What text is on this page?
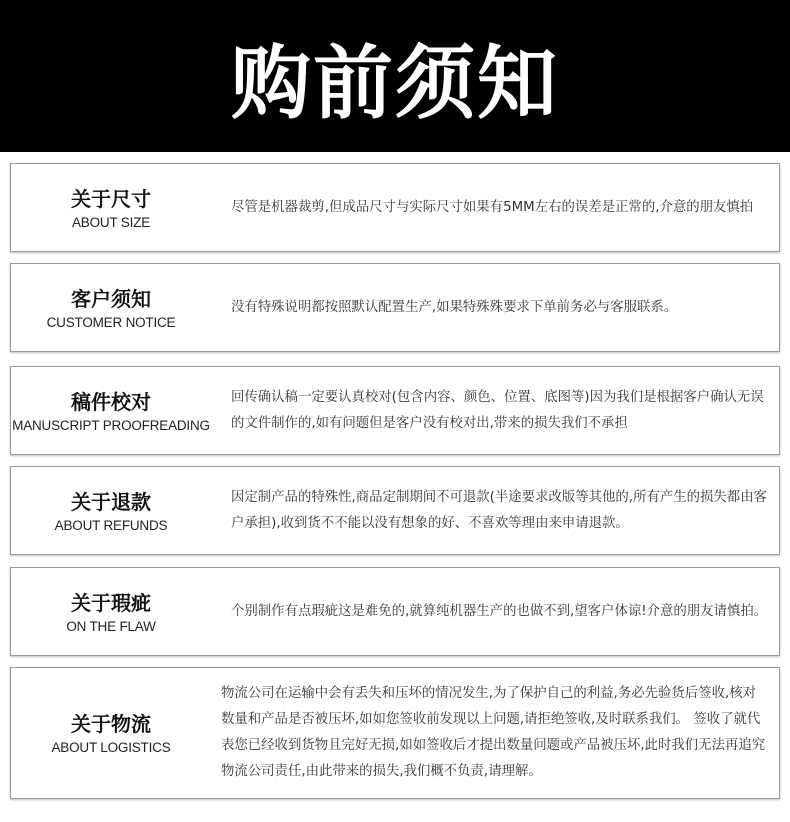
购前须知
关于尺寸
ABOUT SIZE
尽管是机器裁剪,但成品尺寸与实际尺寸如果有5MM左右的误差是正常的,介意的朋友慎拍
客户须知
CUSTOMER NOTICE
没有特殊说明都按照默认配置生产,如果特殊殊要求下单前务必与客服联系。
稿件校对
MANUSCRIPT PROOFREADING
回传确认稿一定要认真校对(包含内容、颜色、位置、底图等)因为我们是根据客户确认无误的文件制作的,如有问题但是客户没有校对出,带来的损失我们不承担
关于退款
ABOUT REFUNDS
因定制产品的特殊性,商品定制期间不可退款(半途要求改版等其他的,所有产生的损失都由客户承担),收到货不不能以没有想象的好、不喜欢等理由来申请退款。
关于瑕疵
ON THE FLAW
个别制作有点瑕疵这是难免的,就算纯机器生产的也做不到,望客户体谅!介意的朋友请慎拍。
关于物流
ABOUT LOGISTICS
物流公司在运输中会有丢失和压坏的情况发生,为了保护自己的利益,务必先验货后签收,核对数量和产品是否被压坏,如如您签收前发现以上问题,请拒绝签收,及时联系我们。 签收了就代表您已经收到货物且完好无损,如如签收后才提出数量问题或产品被压坏,此时我们无法再追究物流公司责任,由此带来的损失,我们概不负责,请理解。
